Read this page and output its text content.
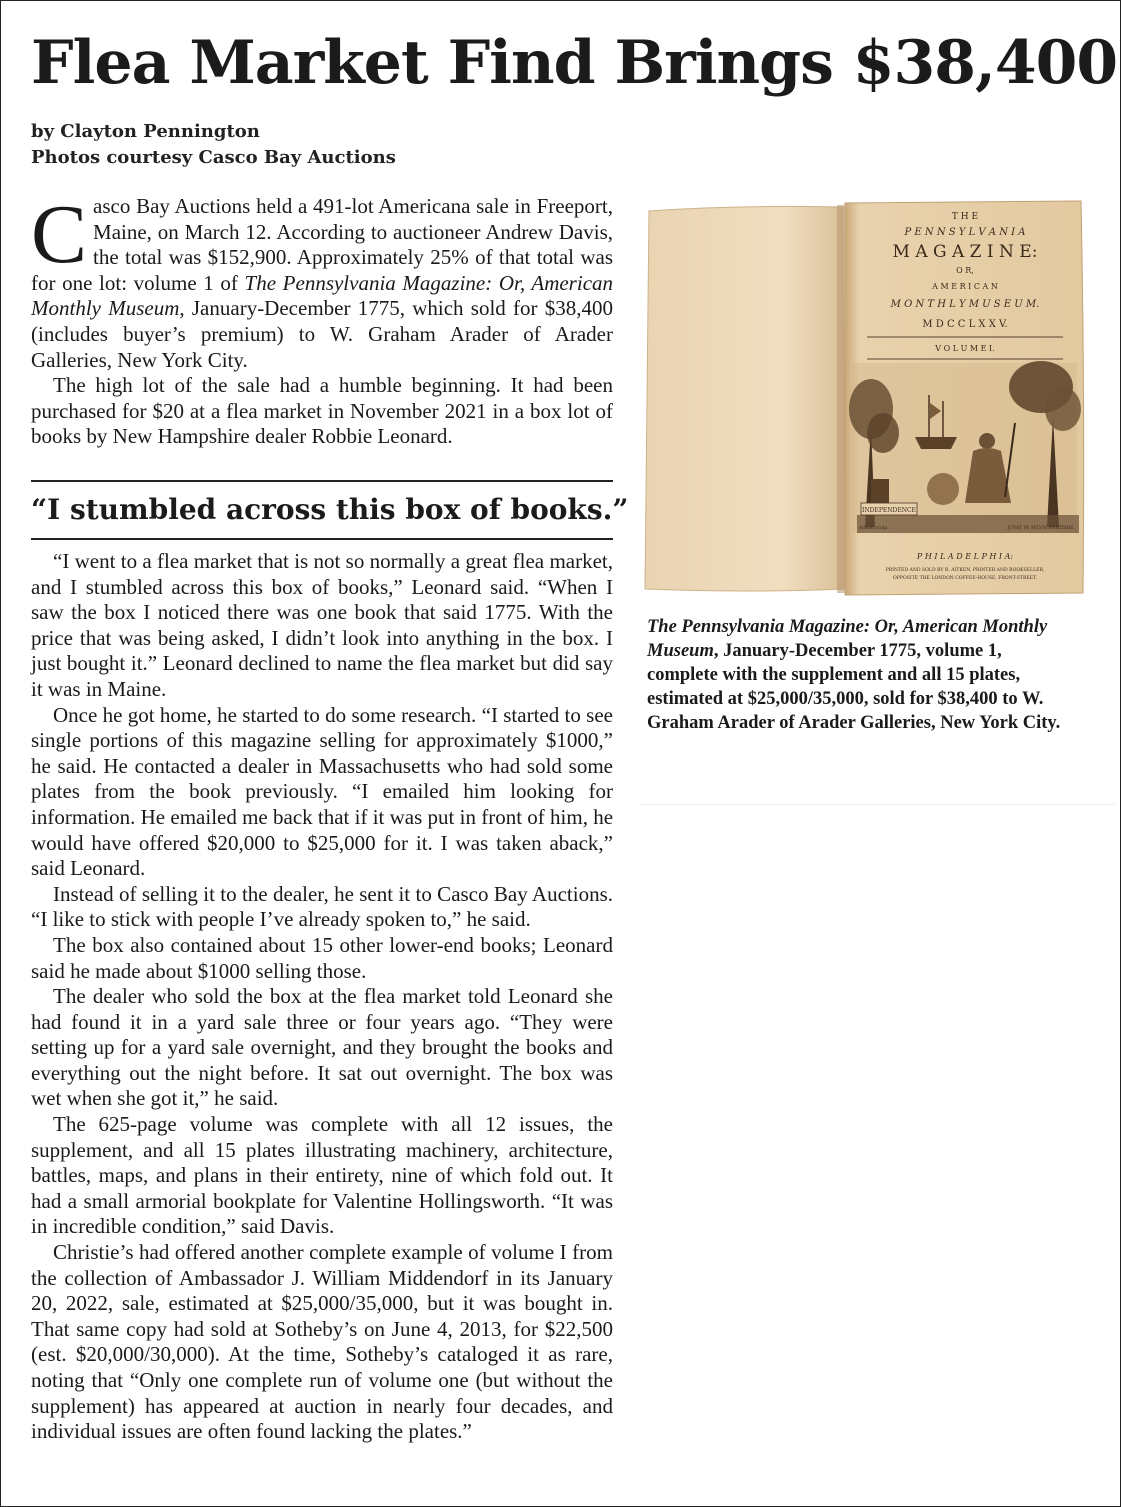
Flea Market Find Brings $38,400
by Clayton Pennington
Photos courtesy Casco Bay Auctions

Casco Bay Auctions held a 491-lot Americana sale in Freeport, Maine, on March 12. According to auctioneer Andrew Davis, the total was $152,900. Approximately 25% of that total was for one lot: volume 1 of The Pennsylvania Magazine: Or, American Monthly Museum, January-December 1775, which sold for $38,400 (includes buyer’s premium) to W. Graham Arader of Arader Galleries, New York City.

The high lot of the sale had a humble beginning. It had been purchased for $20 at a flea market in November 2021 in a box lot of books by New Hampshire dealer Robbie Leonard.

“I stumbled across this box of books.”

“I went to a flea market that is not so normally a great flea market, and I stumbled across this box of books,” Leonard said. “When I saw the box I noticed there was one book that said 1775. With the price that was being asked, I didn’t look into anything in the box. I just bought it.” Leonard declined to name the flea market but did say it was in Maine.

Once he got home, he started to do some research. “I started to see single portions of this magazine selling for approximately $1000,” he said. He contacted a dealer in Massachusetts who had sold some plates from the book previously. “I emailed him looking for information. He emailed me back that if it was put in front of him, he would have offered $20,000 to $25,000 for it. I was taken aback,” said Leonard.

Instead of selling it to the dealer, he sent it to Casco Bay Auctions. “I like to stick with people I’ve already spoken to,” he said.

The box also contained about 15 other lower-end books; Leonard said he made about $1000 selling those.

The dealer who sold the box at the flea market told Leonard she had found it in a yard sale three or four years ago. “They were setting up for a yard sale overnight, and they brought the books and everything out the night before. It sat out overnight. The box was wet when she got it,” he said.

The 625-page volume was complete with all 12 issues, the supplement, and all 15 plates illustrating machinery, architecture, battles, maps, and plans in their entirety, nine of which fold out. It had a small armorial bookplate for Valentine Hollingsworth. “It was in incredible condition,” said Davis.

Christie’s had offered another complete example of volume I from the collection of Ambassador J. William Middendorf in its January 20, 2022, sale, estimated at $25,000/35,000, but it was bought in. That same copy had sold at Sotheby’s on June 4, 2013, for $22,500 (est. $20,000/30,000). At the time, Sotheby’s cataloged it as rare, noting that “Only one complete run of volume one (but without the supplement) has appeared at auction in nearly four decades, and individual issues are often found lacking the plates.”

T H E
P E N N S Y L V A N I A
M A G A Z I N E:
O R,
A M E R I C A N
M O N T H L Y M U S E U M.
M D C C L X X V.
V O L U M E I.
INDEPENDENCE
Aitken sculp.	JUVAT IN SYLVIS HABITARE.
P H I L A D E L P H I A:
PRINTED AND SOLD BY R. AITKEN, PRINTER AND BOOKSELLER,
OPPOSITE THE LONDON COFFEE-HOUSE, FRONT-STREET.
The Pennsylvania Magazine: Or, American Monthly Museum, January-December 1775, volume 1, complete with the supplement and all 15 plates, estimated at $25,000/35,000, sold for $38,400 to W. Graham Arader of Arader Galleries, New York City.
